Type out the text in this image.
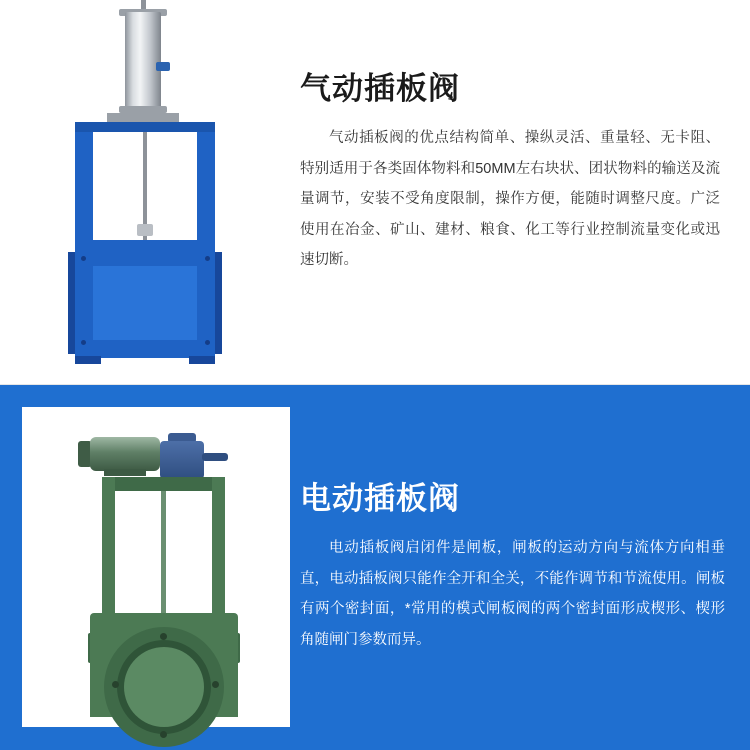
气动插板阀

气动插板阀的优点结构简单、操纵灵活、重量轻、无卡阻、特别适用于各类固体物料和50MM左右块状、团状物料的输送及流量调节，安装不受角度限制，操作方便，能随时调整尺度。广泛使用在冶金、矿山、建材、粮食、化工等行业控制流量变化或迅速切断。

电动插板阀

电动插板阀启闭件是闸板，闸板的运动方向与流体方向相垂直，电动插板阀只能作全开和全关，不能作调节和节流使用。闸板有两个密封面，*常用的模式闸板阀的两个密封面形成楔形、楔形角随闸门参数而异。
